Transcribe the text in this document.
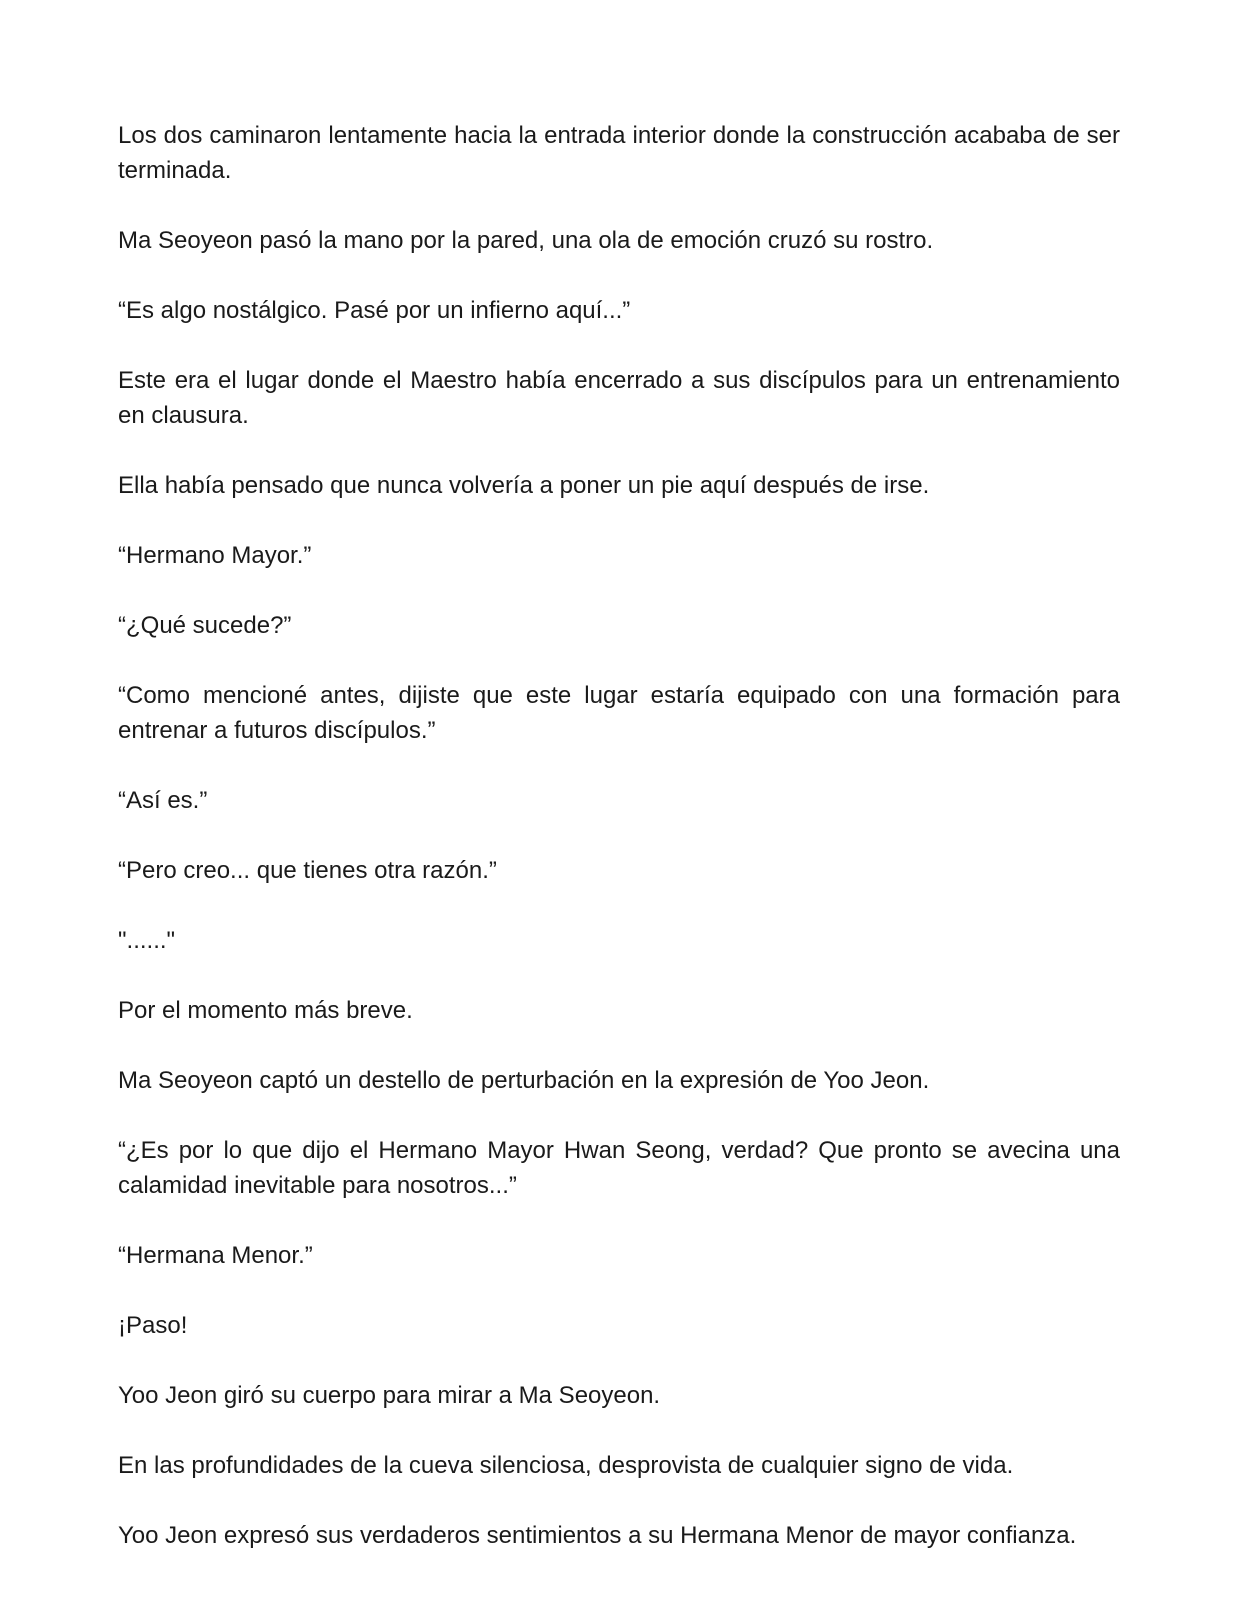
Los dos caminaron lentamente hacia la entrada interior donde la construcción acababa de ser terminada.

Ma Seoyeon pasó la mano por la pared, una ola de emoción cruzó su rostro.

“Es algo nostálgico. Pasé por un infierno aquí...”

Este era el lugar donde el Maestro había encerrado a sus discípulos para un entrenamiento en clausura.

Ella había pensado que nunca volvería a poner un pie aquí después de irse.

“Hermano Mayor.”

“¿Qué sucede?”

“Como mencioné antes, dijiste que este lugar estaría equipado con una formación para entrenar a futuros discípulos.”

“Así es.”

“Pero creo... que tienes otra razón.”

"......"

Por el momento más breve.

Ma Seoyeon captó un destello de perturbación en la expresión de Yoo Jeon.

“¿Es por lo que dijo el Hermano Mayor Hwan Seong, verdad? Que pronto se avecina una calamidad inevitable para nosotros...”

“Hermana Menor.”

¡Paso!

Yoo Jeon giró su cuerpo para mirar a Ma Seoyeon.

En las profundidades de la cueva silenciosa, desprovista de cualquier signo de vida.

Yoo Jeon expresó sus verdaderos sentimientos a su Hermana Menor de mayor confianza.
